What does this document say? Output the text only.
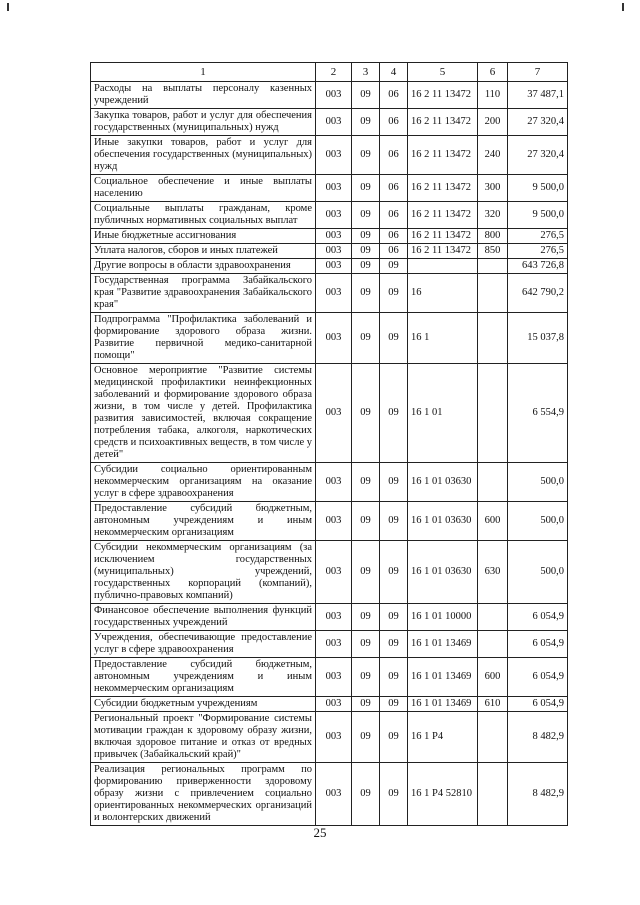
1	2	3	4	5	6	7
Расходы на выплаты персоналу казенных учреждений	003	09	06	16 2 11 13472	110	37 487,1
Закупка товаров, работ и услуг для обеспечения государственных (муниципальных) нужд	003	09	06	16 2 11 13472	200	27 320,4
Иные закупки товаров, работ и услуг для обеспечения государственных (муниципальных) нужд	003	09	06	16 2 11 13472	240	27 320,4
Социальное обеспечение и иные выплаты населению	003	09	06	16 2 11 13472	300	9 500,0
Социальные выплаты гражданам, кроме публичных нормативных социальных выплат	003	09	06	16 2 11 13472	320	9 500,0
Иные бюджетные ассигнования	003	09	06	16 2 11 13472	800	276,5
Уплата налогов, сборов и иных платежей	003	09	06	16 2 11 13472	850	276,5
Другие вопросы в области здравоохранения	003	09	09			643 726,8
Государственная программа Забайкальского края "Развитие здравоохранения Забайкальского края"	003	09	09	16		642 790,2
Подпрограмма "Профилактика заболеваний и формирование здорового образа жизни. Развитие первичной медико-санитарной помощи"	003	09	09	16 1		15 037,8
Основное мероприятие "Развитие системы медицинской профилактики неинфекционных заболеваний и формирование здорового образа жизни, в том числе у детей. Профилактика развития зависимостей, включая сокращение потребления табака, алкоголя, наркотических средств и психоактивных веществ, в том числе у детей"	003	09	09	16 1 01		6 554,9
Субсидии социально ориентированным некоммерческим организациям на оказание услуг в сфере здравоохранения	003	09	09	16 1 01 03630		500,0
Предоставление субсидий бюджетным, автономным учреждениям и иным некоммерческим организациям	003	09	09	16 1 01 03630	600	500,0
Субсидии некоммерческим организациям (за исключением государственных (муниципальных) учреждений, государственных корпораций (компаний), публично-правовых компаний)	003	09	09	16 1 01 03630	630	500,0
Финансовое обеспечение выполнения функций государственных учреждений	003	09	09	16 1 01 10000		6 054,9
Учреждения, обеспечивающие предоставление услуг в сфере здравоохранения	003	09	09	16 1 01 13469		6 054,9
Предоставление субсидий бюджетным, автономным учреждениям и иным некоммерческим организациям	003	09	09	16 1 01 13469	600	6 054,9
Субсидии бюджетным учреждениям	003	09	09	16 1 01 13469	610	6 054,9
Региональный проект "Формирование системы мотивации граждан к здоровому образу жизни, включая здоровое питание и отказ от вредных привычек (Забайкальский край)"	003	09	09	16 1 P4		8 482,9
Реализация региональных программ по формированию приверженности здоровому образу жизни с привлечением социально ориентированных некоммерческих организаций и волонтерских движений	003	09	09	16 1 P4 52810		8 482,9
25
